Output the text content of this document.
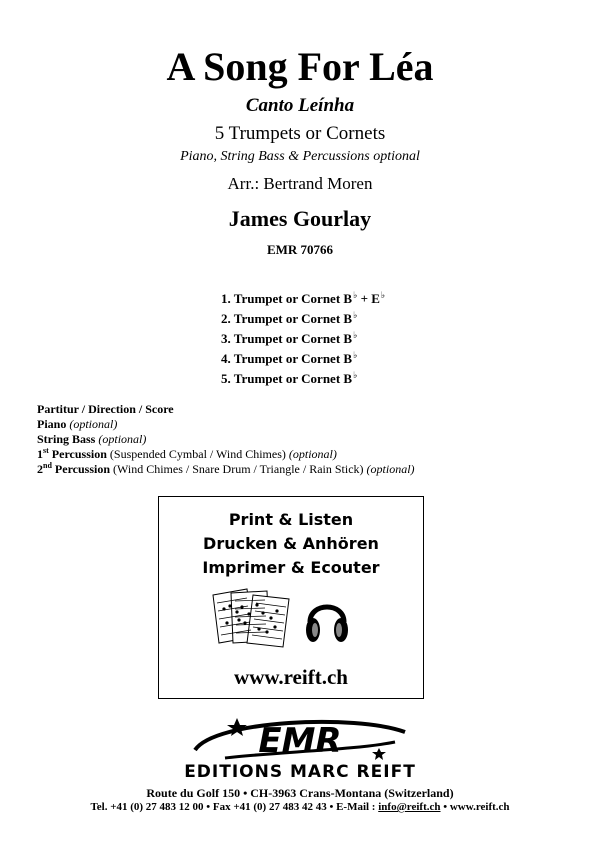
A Song For Léa
Canto Leínha
5 Trumpets or Cornets
Piano, String Bass & Percussions optional
Arr.: Bertrand Moren
James Gourlay
EMR 70766
1. Trumpet or Cornet B♭ + E♭
2. Trumpet or Cornet B♭
3. Trumpet or Cornet B♭
4. Trumpet or Cornet B♭
5. Trumpet or Cornet B♭
Partitur / Direction / Score
Piano (optional)
String Bass (optional)
1st Percussion (Suspended Cymbal / Wind Chimes) (optional)
2nd Percussion (Wind Chimes / Snare Drum / Triangle / Rain Stick) (optional)
Print & Listen
Drucken & Anhören
Imprimer & Ecouter
www.reift.ch
EMR
EDITIONS MARC REIFT
Route du Golf 150 • CH-3963 Crans-Montana (Switzerland)
Tel. +41 (0) 27 483 12 00 • Fax +41 (0) 27 483 42 43 • E-Mail : info@reift.ch • www.reift.ch
